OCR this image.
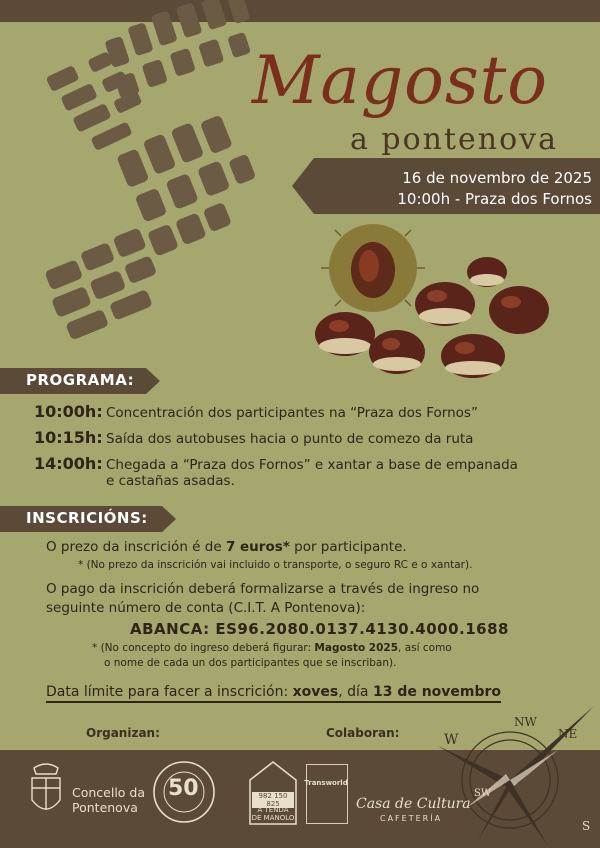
Magosto
a pontenova
16 de novembro de 2025
10:00h - Praza dos Fornos
PROGRAMA:
10:00h: Concentración dos participantes na “Praza dos Fornos”
10:15h: Saída dos autobuses hacia o punto de comezo da ruta
14:00h: Chegada a “Praza dos Fornos” e xantar a base de empanada
e castañas asadas.
INSCRICIÓNS:
O prezo da inscrición é de 7 euros* por participante.
* (No prezo da inscrición vai incluido o transporte, o seguro RC e o xantar).
O pago da inscrición deberá formalizarse a través de ingreso no
seguinte número de conta (C.I.T. A Pontenova):
ABANCA: ES96.2080.0137.4130.4000.1688
* (No concepto do ingreso deberá figurar: Magosto 2025, así como
o nome de cada un dos participantes que se inscriban).
Data límite para facer a inscrición: xoves, día 13 de novembro
Organizan:	Colaboran:
NW
NE
W
SW
S
Concello da
Pontenova
50	982 150 825
A TENDA
DE MANOLO
Transworld
Casa de Cultura
CAFETERÍA
